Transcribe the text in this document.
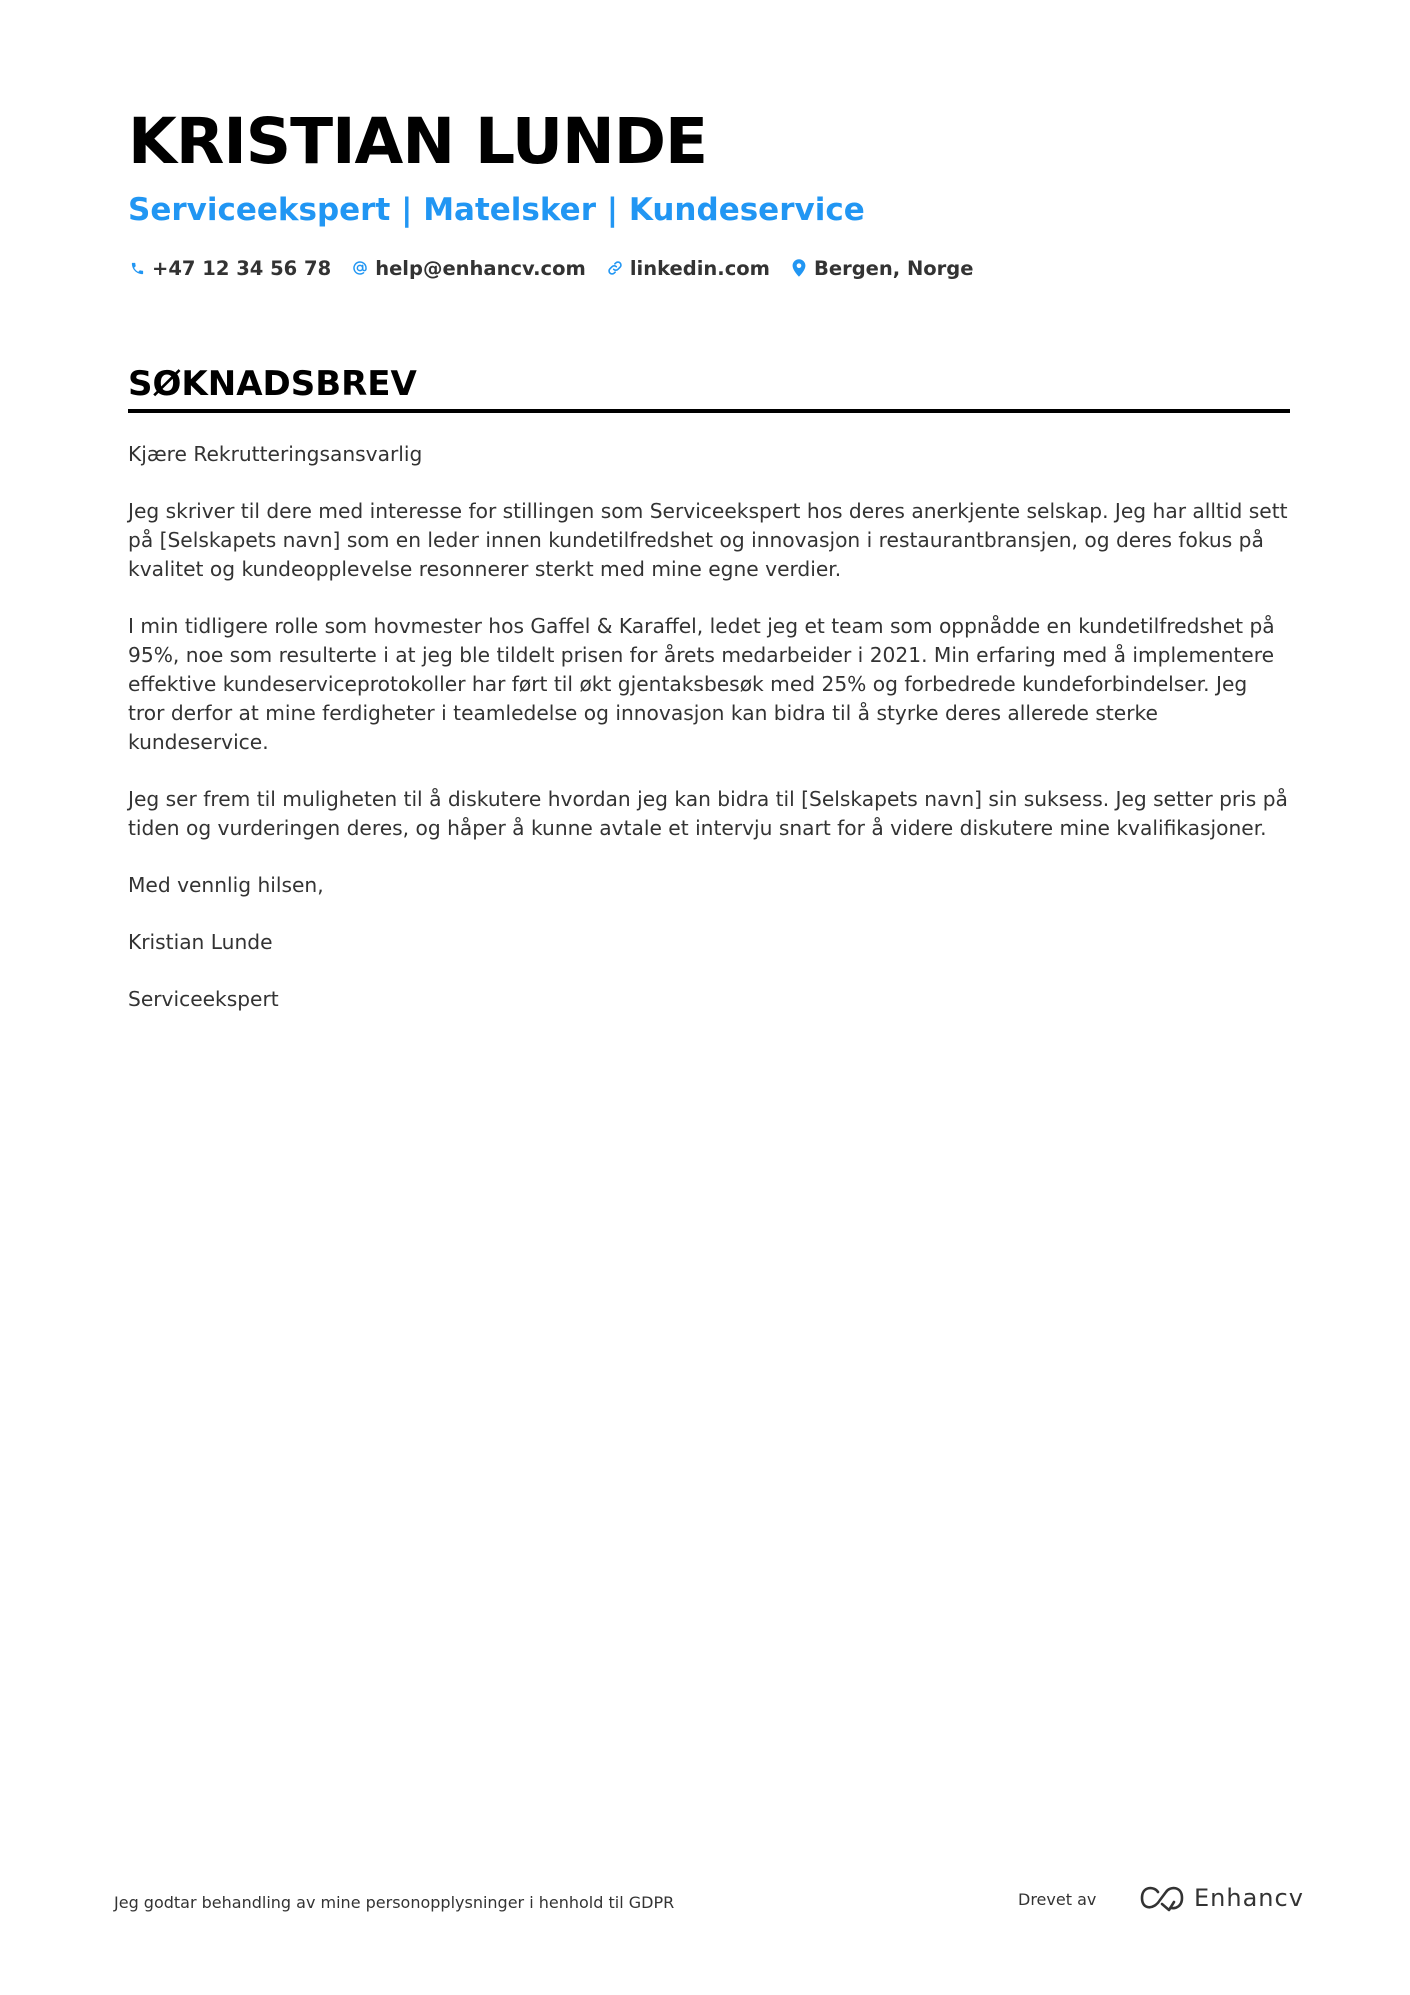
KRISTIAN LUNDE
Serviceekspert | Matelsker | Kundeservice
+47 12 34 56 78 help@enhancv.com linkedin.com Bergen, Norge
SØKNADSBREV

Kjære Rekrutteringsansvarlig

Jeg skriver til dere med interesse for stillingen som Serviceekspert hos deres anerkjente selskap. Jeg har alltid sett på [Selskapets navn] som en leder innen kundetilfredshet og innovasjon i restaurantbransjen, og deres fokus på kvalitet og kundeopplevelse resonnerer sterkt med mine egne verdier.

I min tidligere rolle som hovmester hos Gaffel & Karaffel, ledet jeg et team som oppnådde en kundetilfredshet på 95%, noe som resulterte i at jeg ble tildelt prisen for årets medarbeider i 2021. Min erfaring med å implementere effektive kundeserviceprotokoller har ført til økt gjentaksbesøk med 25% og forbedrede kundeforbindelser. Jeg tror derfor at mine ferdigheter i teamledelse og innovasjon kan bidra til å styrke deres allerede sterke kundeservice.

Jeg ser frem til muligheten til å diskutere hvordan jeg kan bidra til [Selskapets navn] sin suksess. Jeg setter pris på tiden og vurderingen deres, og håper å kunne avtale et intervju snart for å videre diskutere mine kvalifikasjoner.

Med vennlig hilsen,

Kristian Lunde

Serviceekspert

Jeg godtar behandling av mine personopplysninger i henhold til GDPR	Drevet av	Enhancv
